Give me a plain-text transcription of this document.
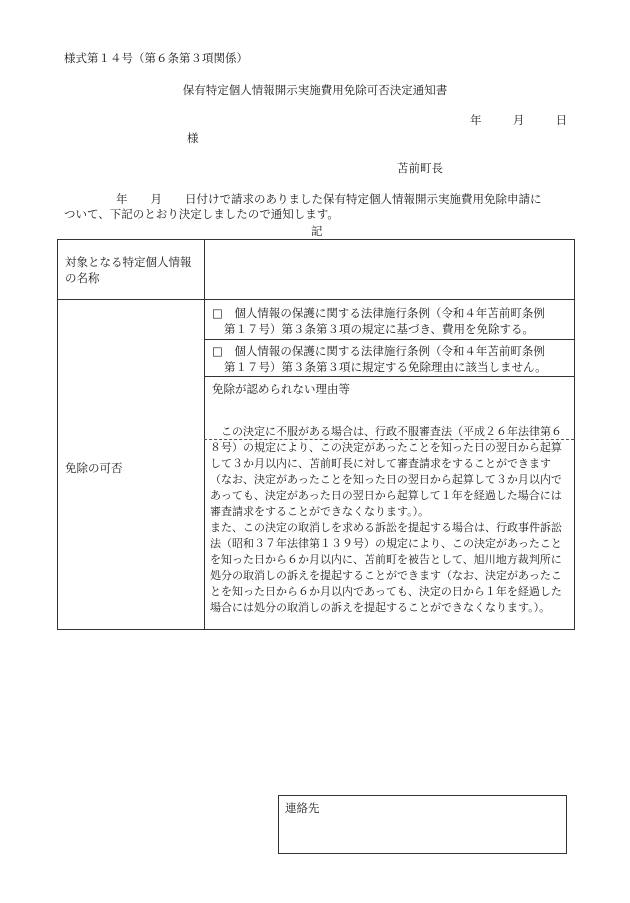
様式第１４号（第６条第３項関係）
保有特定個人情報開示実施費用免除可否決定通知書
年	月	日
様
苫前町長
年　　月　　日付けで請求のありました保有特定個人情報開示実施費用免除申請に
ついて、下記のとおり決定しましたので通知します。
記
対象となる特定個人情報の名称
免除の可否
□　個人情報の保護に関する法律施行条例（令和４年苫前町条例
第１７号）第３条第３項の規定に基づき、費用を免除する。
□　個人情報の保護に関する法律施行条例（令和４年苫前町条例
第１７号）第３条第３項に規定する免除理由に該当しません。
免除が認められない理由等
　この決定に不服がある場合は、行政不服審査法（平成２６年法律第６８号）の規定により、この決定があったことを知った日の翌日から起算して３か月以内に、苫前町長に対して審査請求をすることができます（なお、決定があったことを知った日の翌日から起算して３か月以内であっても、決定があった日の翌日から起算して１年を経過した場合には審査請求をすることができなくなります。）。
また、この決定の取消しを求める訴訟を提起する場合は、行政事件訴訟法（昭和３７年法律第１３９号）の規定により、この決定があったことを知った日から６か月以内に、苫前町を被告として、旭川地方裁判所に処分の取消しの訴えを提起することができます（なお、決定があったことを知った日から６か月以内であっても、決定の日から１年を経過した場合には処分の取消しの訴えを提起することができなくなります。）。
連絡先
